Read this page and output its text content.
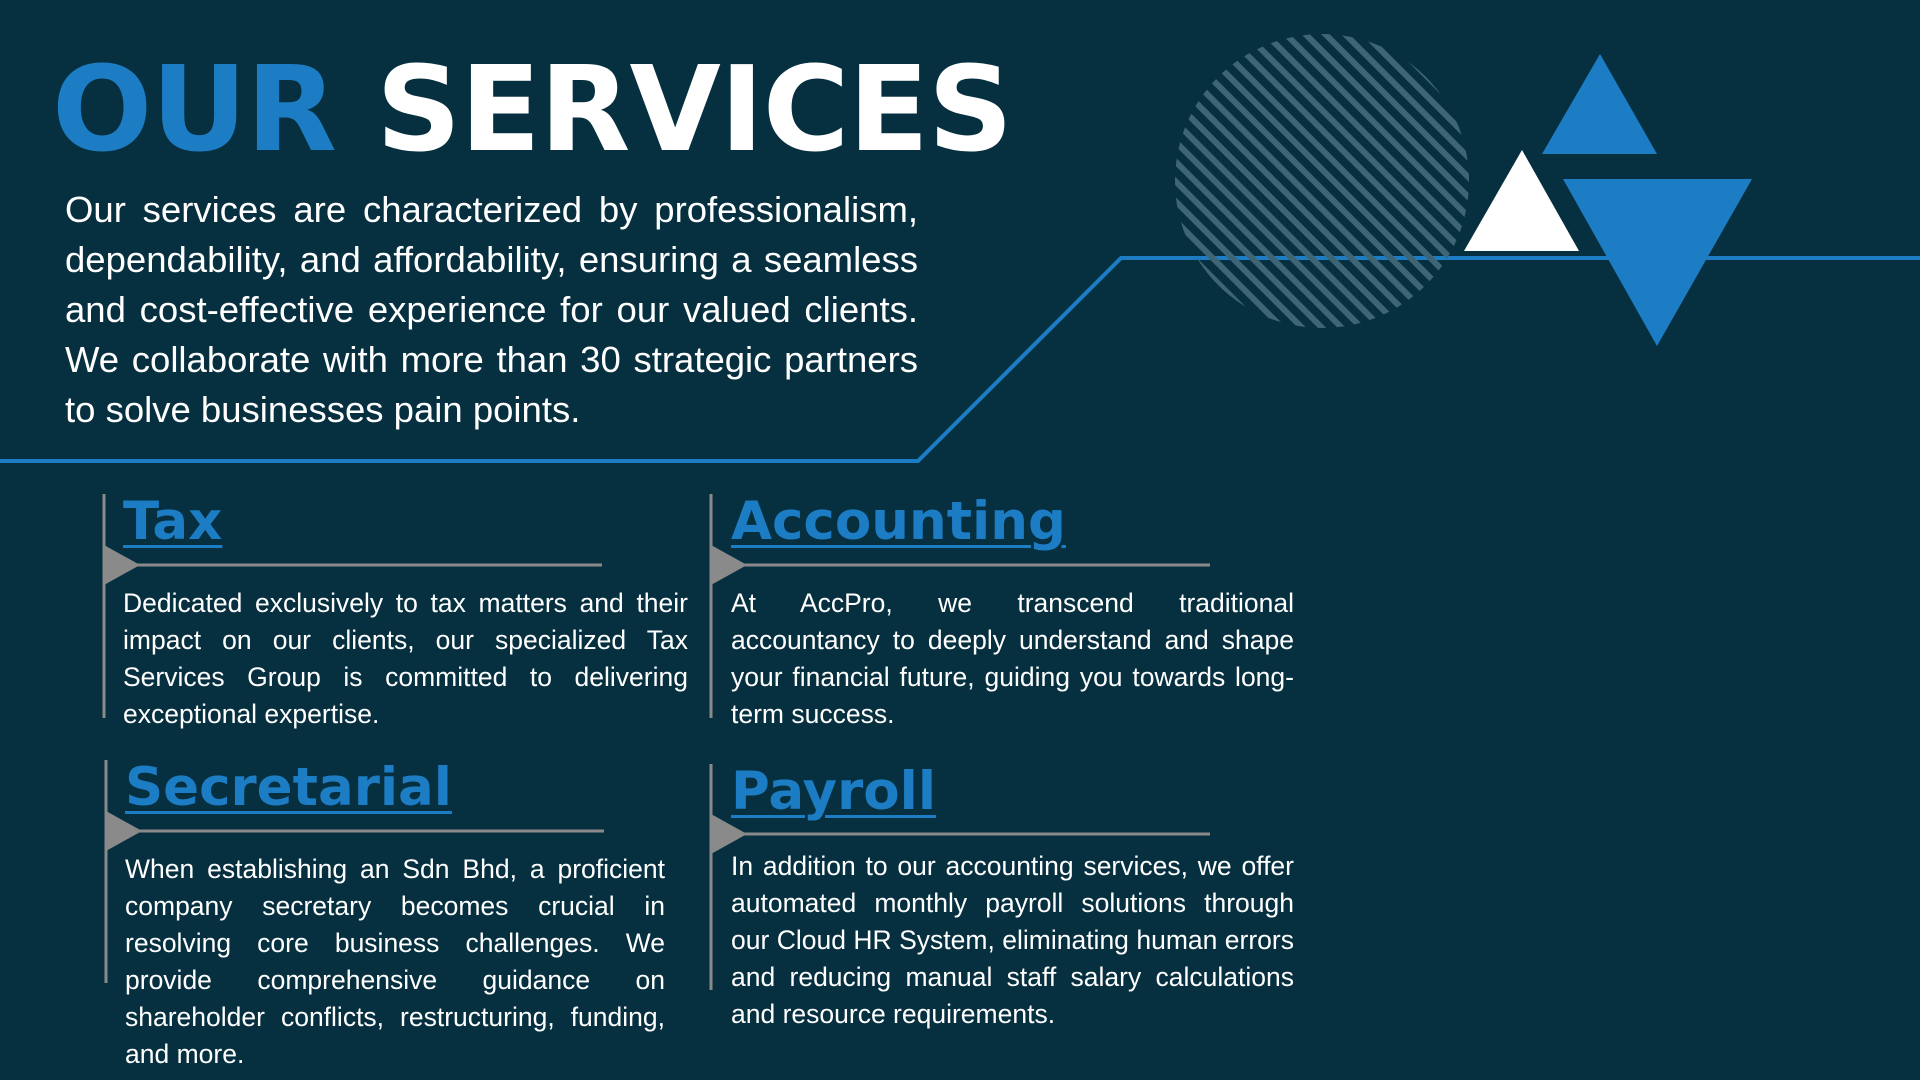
OUR SERVICES

Our services are characterized by professionalism, dependability, and affordability, ensuring a seamless and cost-effective experience for our valued clients. We collaborate with more than 30 strategic partners to solve businesses pain points.

Tax

Dedicated exclusively to tax matters and their impact on our clients, our specialized Tax Services Group is committed to delivering exceptional expertise.

Accounting

At AccPro, we transcend traditional accountancy to deeply understand and shape your financial future, guiding you towards long-term success.

Secretarial

When establishing an Sdn Bhd, a proficient company secretary becomes crucial in resolving core business challenges. We provide comprehensive guidance on shareholder conflicts, restructuring, funding, and more.

Payroll

In addition to our accounting services, we offer automated monthly payroll solutions through our Cloud HR System, eliminating human errors and reducing manual staff salary calculations and resource requirements.
